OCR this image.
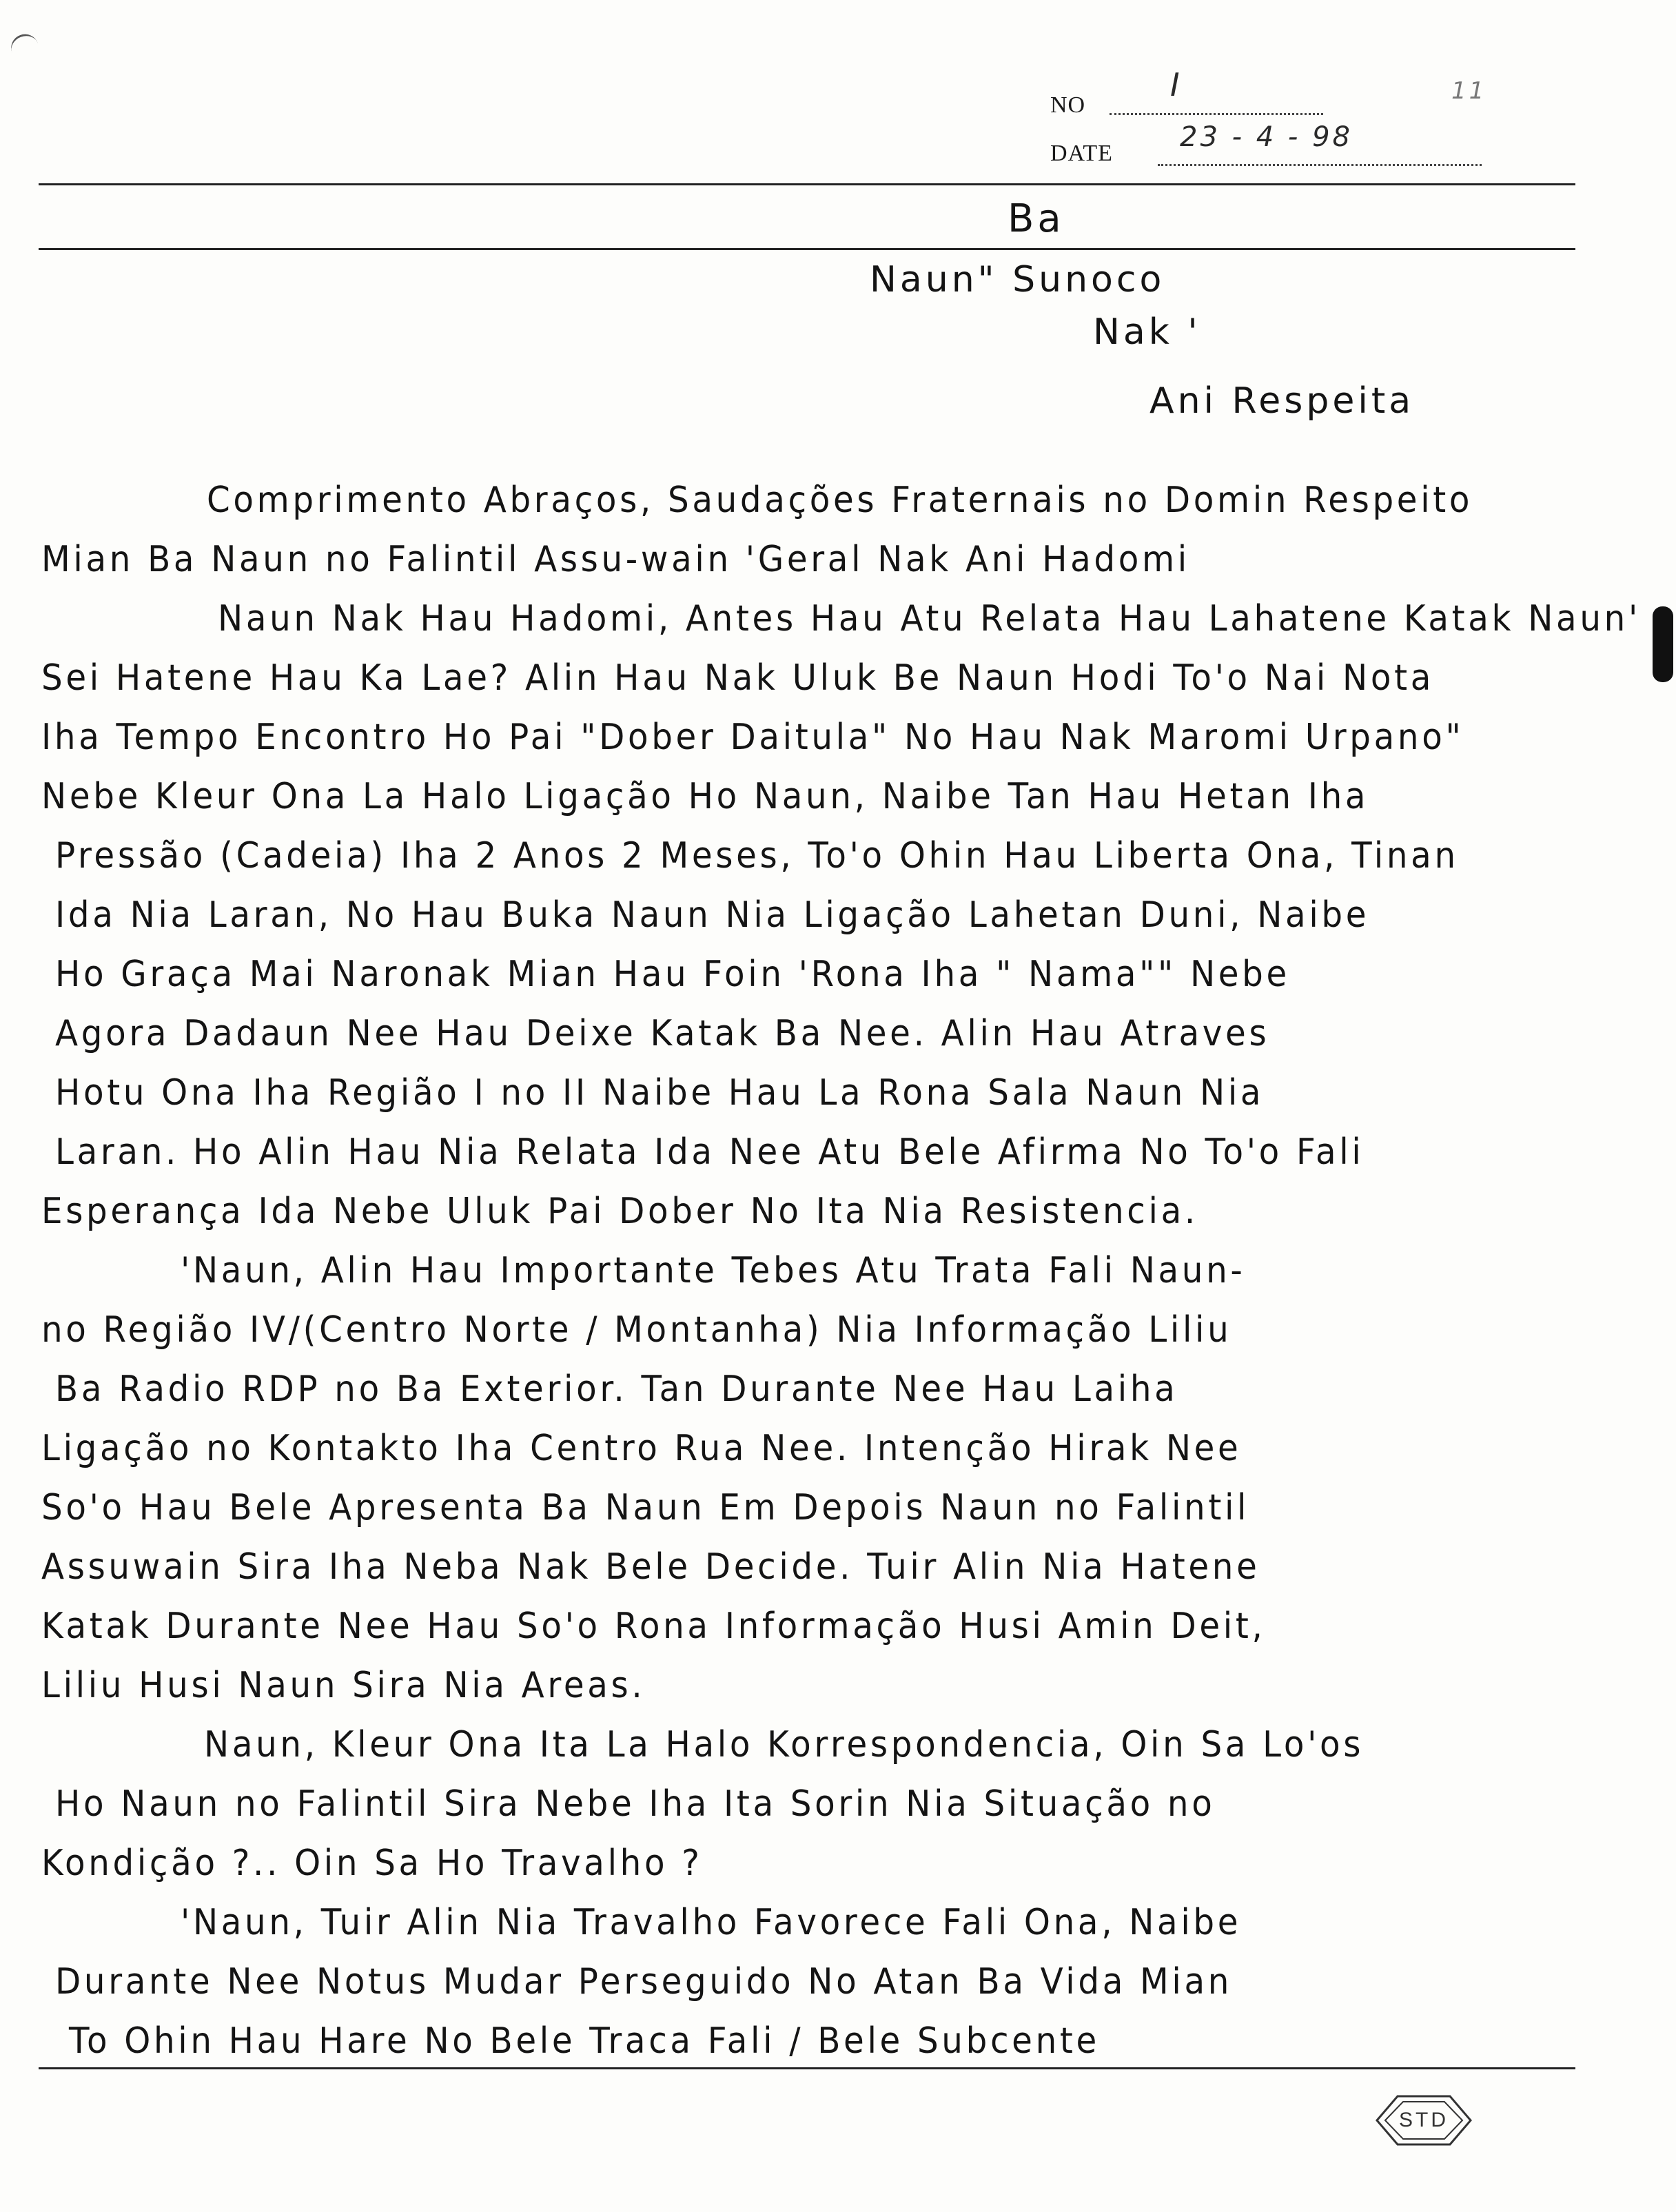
NO
I	11
DATE
23 - 4 - 98
Ba
Naun" Sunoco
Nak '
Ani Respeita
Comprimento Abraços, Saudações Fraternais no Domin Respeito
Mian Ba Naun no Falintil Assu-wain 'Geral Nak Ani Hadomi
Naun Nak Hau Hadomi, Antes Hau Atu Relata Hau Lahatene Katak Naun'
Sei Hatene Hau Ka Lae? Alin Hau Nak Uluk Be Naun Hodi To'o Nai Nota
Iha Tempo Encontro Ho Pai "Dober Daitula" No Hau Nak Maromi Urpano"
Nebe Kleur Ona La Halo Ligação Ho Naun, Naibe Tan Hau Hetan Iha
Pressão (Cadeia) Iha 2 Anos 2 Meses, To'o Ohin Hau Liberta Ona, Tinan
Ida Nia Laran, No Hau Buka Naun Nia Ligação Lahetan Duni, Naibe
Ho Graça Mai Naronak Mian Hau Foin 'Rona Iha " Nama"" Nebe
Agora Dadaun Nee Hau Deixe Katak Ba Nee. Alin Hau Atraves
Hotu Ona Iha Região I no II Naibe Hau La Rona Sala Naun Nia
Laran. Ho Alin Hau Nia Relata Ida Nee Atu Bele Afirma No To'o Fali
Esperança Ida Nebe Uluk Pai Dober No Ita Nia Resistencia.
'Naun, Alin Hau Importante Tebes Atu Trata Fali Naun-
no Região IV/(Centro Norte / Montanha) Nia Informação Liliu
Ba Radio RDP no Ba Exterior. Tan Durante Nee Hau Laiha
Ligação no Kontakto Iha Centro Rua Nee. Intenção Hirak Nee
So'o Hau Bele Apresenta Ba Naun Em Depois Naun no Falintil
Assuwain Sira Iha Neba Nak Bele Decide. Tuir Alin Nia Hatene
Katak Durante Nee Hau So'o Rona Informação Husi Amin Deit,
Liliu Husi Naun Sira Nia Areas.
Naun, Kleur Ona Ita La Halo Korrespondencia, Oin Sa Lo'os
Ho Naun no Falintil Sira Nebe Iha Ita Sorin Nia Situação no
Kondição ?.. Oin Sa Ho Travalho ?
'Naun, Tuir Alin Nia Travalho Favorece Fali Ona, Naibe
Durante Nee Notus Mudar Perseguido No Atan Ba Vida Mian
To Ohin Hau Hare No Bele Traca Fali / Bele Subcente
STD
